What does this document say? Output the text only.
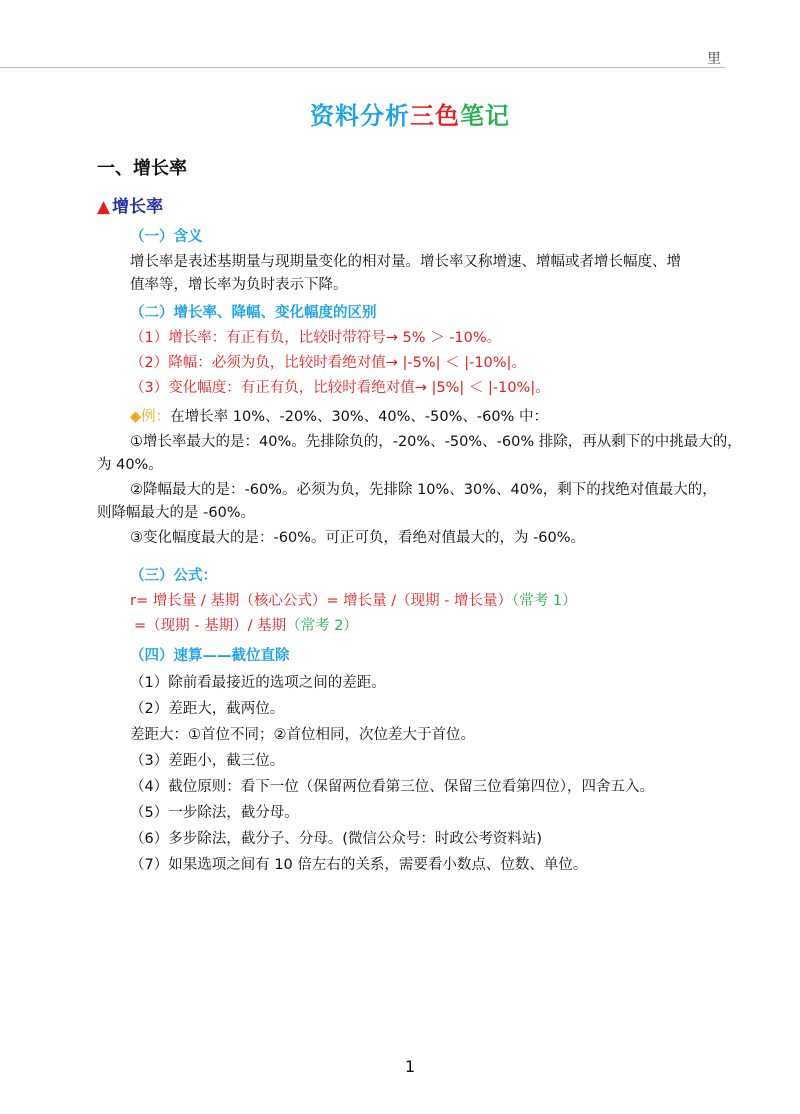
里
资料分析三色笔记
一、增长率
▲ 增长率
（一）含义
增长率是表述基期量与现期量变化的相对量。增长率又称增速、增幅或者增长幅度、增
值率等，增长率为负时表示下降。
（二）增长率、降幅、变化幅度的区别
（1）增长率：有正有负，比较时带符号→ 5% ＞ -10%。
（2）降幅：必须为负，比较时看绝对值→ |-5%| ＜ |-10%|。
（3）变化幅度：有正有负，比较时看绝对值→ |5%| ＜ |-10%|。
◆例：在增长率 10%、-20%、30%、40%、-50%、-60% 中：
①增长率最大的是：40%。先排除负的，-20%、-50%、-60% 排除，再从剩下的中挑最大的，
为 40%。
②降幅最大的是：-60%。必须为负，先排除 10%、30%、40%，剩下的找绝对值最大的，
则降幅最大的是 -60%。
③变化幅度最大的是：-60%。可正可负，看绝对值最大的，为 -60%。
（三）公式：
r= 增长量 / 基期（核心公式）= 增长量 /（现期 - 增长量）（常考 1）
=（现期 - 基期）/ 基期（常考 2）
（四）速算——截位直除
（1）除前看最接近的选项之间的差距。
（2）差距大，截两位。
差距大：①首位不同；②首位相同，次位差大于首位。
（3）差距小，截三位。
（4）截位原则：看下一位（保留两位看第三位、保留三位看第四位），四舍五入。
（5）一步除法，截分母。
（6）多步除法，截分子、分母。(微信公众号：时政公考资料站)
（7）如果选项之间有 10 倍左右的关系，需要看小数点、位数、单位。
1
